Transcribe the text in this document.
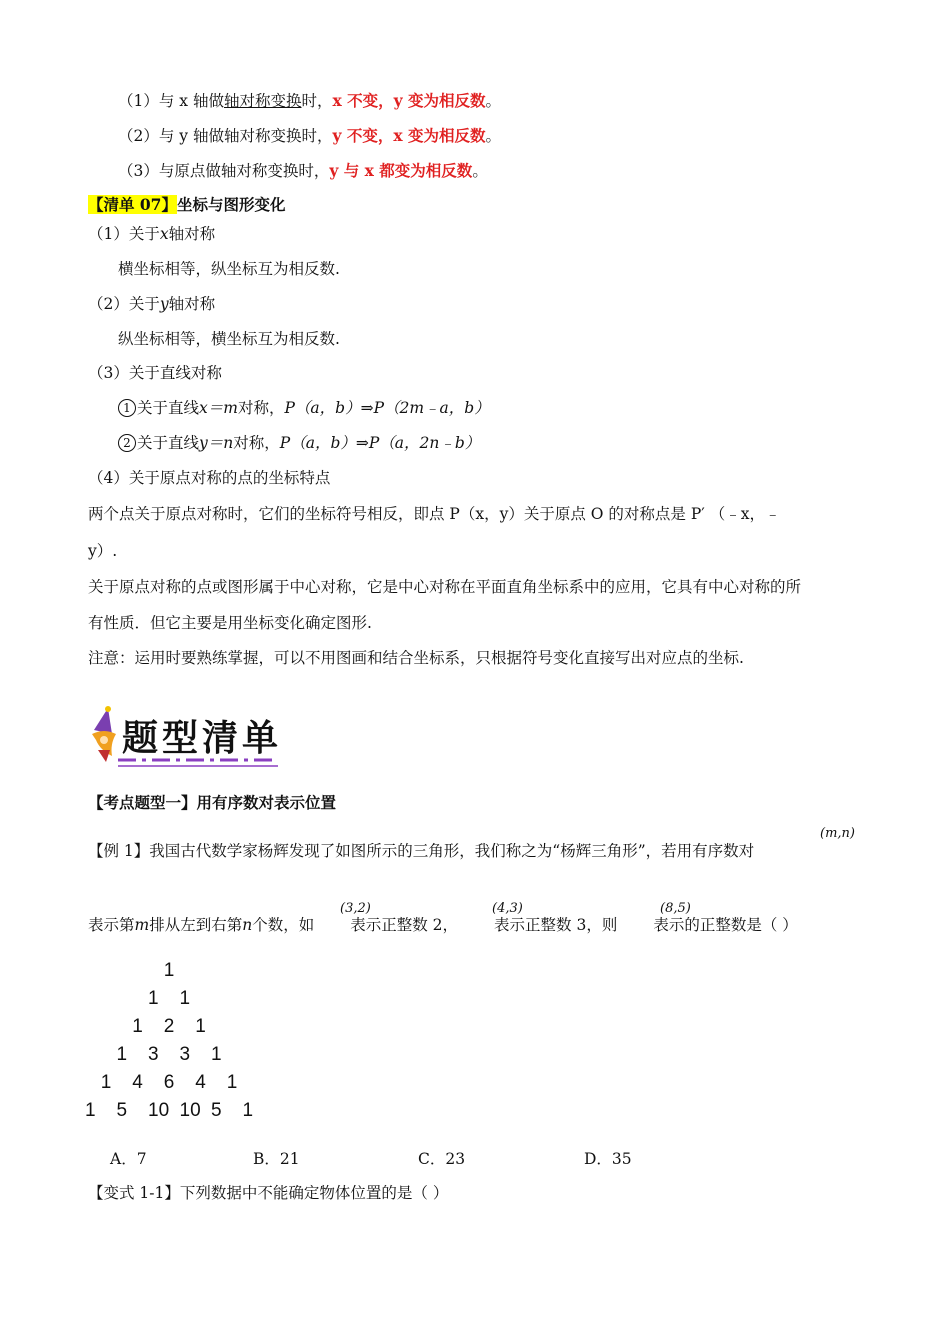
（1）与 x 轴做轴对称变换时，x 不变，y 变为相反数。
（2）与 y 轴做轴对称变换时，y 不变，x 变为相反数。
（3）与原点做轴对称变换时，y 与 x 都变为相反数。
【清单 07】坐标与图形变化
（1）关于x轴对称
横坐标相等，纵坐标互为相反数.
（2）关于y轴对称
纵坐标相等，横坐标互为相反数.
（3）关于直线对称
1 关于直线x＝m对称，P（a，b）⇒P（2m﹣a，b）
2 关于直线y＝n对称，P（a，b）⇒P（a，2n﹣b）
（4）关于原点对称的点的坐标特点
两个点关于原点对称时，它们的坐标符号相反，即点 P（x，y）关于原点 O 的对称点是 P′ （﹣x，﹣
y）.
关于原点对称的点或图形属于中心对称，它是中心对称在平面直角坐标系中的应用，它具有中心对称的所
有性质．但它主要是用坐标变化确定图形.
注意：运用时要熟练掌握，可以不用图画和结合坐标系，只根据符号变化直接写出对应点的坐标.
题型清单
【考点题型一】用有序数对表示位置
【例 1】我国古代数学家杨辉发现了如图所示的三角形，我们称之为“杨辉三角形”，若用有序数对
(m,n)
表示第m排从左到右第n个数，如 表示正整数 2， 表示正整数 3，则 表示的正整数是（ ）
(3,2)	(4,3)	(8,5)
1
1 1
1 2 1
1 3 3 1
1 4 6 4 1
1 5 10 10 5 1
A．7	B．21	C．23	D．35
【变式 1-1】下列数据中不能确定物体位置的是（ ）
